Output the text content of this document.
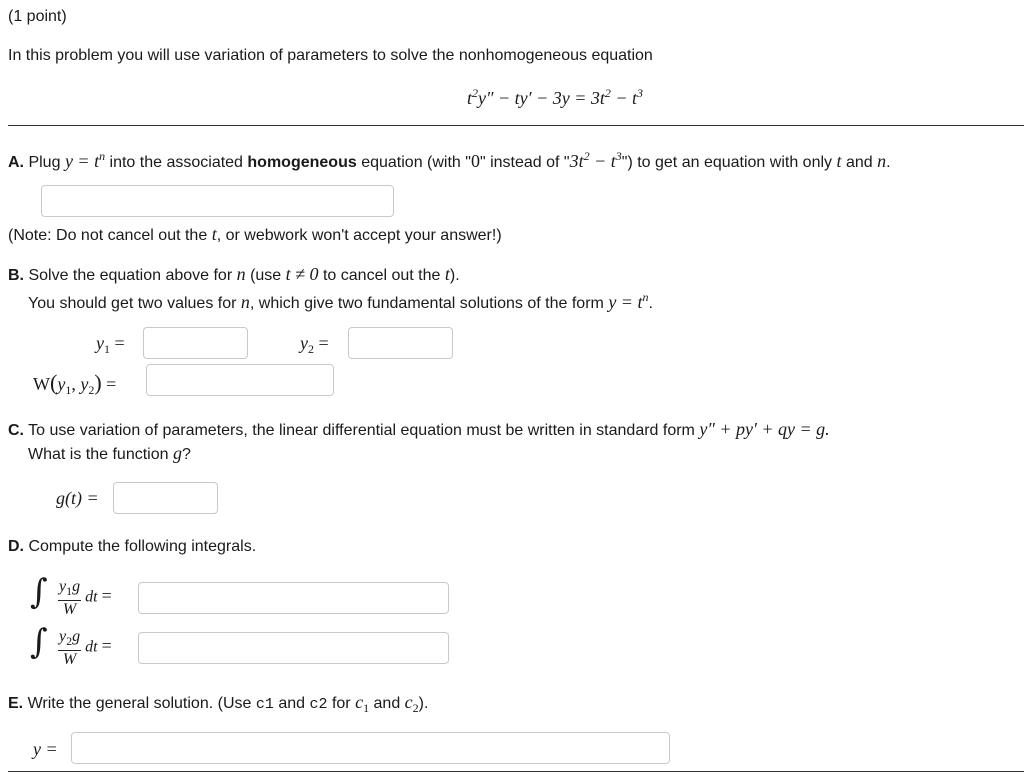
(1 point)
In this problem you will use variation of parameters to solve the nonhomogeneous equation
$t^2y'' - ty' - 3y = 3t^2 - t^3$
A. Plug $y = t^n$ into the associated homogeneous equation (with "0" instead of "$3t^2$ − $t^3$") to get an equation with only t and n.
(Note: Do not cancel out the t, or webwork won't accept your answer!)
B. Solve the equation above for n (use t ≠ 0 to cancel out the t).
You should get two values for n, which give two fundamental solutions of the form $y = t^n$.
$y_1$ =	$y_2$ =
$W(y_1$, $y_2$) =
C. To use variation of parameters, the linear differential equation must be written in standard form y″ + py′ + qy = g.
What is the function g?
g(t) =
D. Compute the following integrals.
∫ $\frac{y_1g}{W}$ dt =
∫ $\frac{y_2g}{W}$ dt =
E. Write the general solution. (Use c1 and c2 for $c_1$ and $c_2$).
y =
